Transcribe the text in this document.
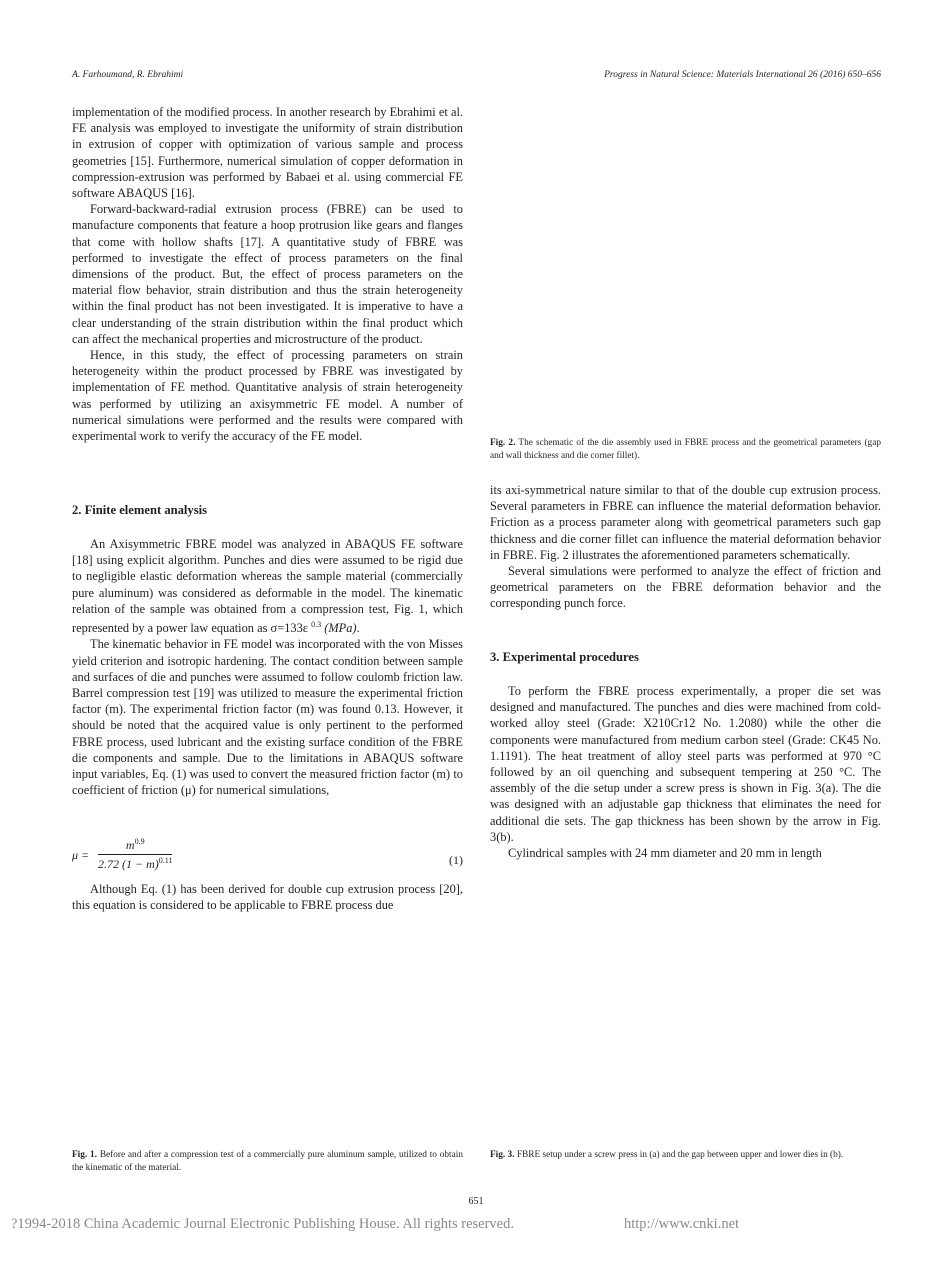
A. Farhoumand, R. Ebrahimi	Progress in Natural Science: Materials International 26 (2016) 650–656

implementation of the modified process. In another research by Ebrahimi et al. FE analysis was employed to investigate the uniformity of strain distribution in extrusion of copper with optimization of various sample and process geometries [15]. Furthermore, numerical simulation of copper deformation in compression-extrusion was performed by Babaei et al. using commercial FE software ABAQUS [16].

Forward-backward-radial extrusion process (FBRE) can be used to manufacture components that feature a hoop protrusion like gears and flanges that come with hollow shafts [17]. A quantitative study of FBRE was performed to investigate the effect of process parameters on the final dimensions of the product. But, the effect of process parameters on the material flow behavior, strain distribution and thus the strain heterogeneity within the final product has not been investigated. It is imperative to have a clear understanding of the strain distribution within the final product which can affect the mechanical properties and microstructure of the product.

Hence, in this study, the effect of processing parameters on strain heterogeneity within the product processed by FBRE was investigated by implementation of FE method. Quantitative analysis of strain heterogeneity was performed by utilizing an axisymmetric FE model. A number of numerical simulations were performed and the results were compared with experimental work to verify the accuracy of the FE model.

2. Finite element analysis

An Axisymmetric FBRE model was analyzed in ABAQUS FE software [18] using explicit algorithm. Punches and dies were assumed to be rigid due to negligible elastic deformation whereas the sample material (commercially pure aluminum) was considered as deformable in the model. The kinematic relation of the sample was obtained from a compression test, Fig. 1, which represented by a power law equation as σ=133ε $^{0.3}$ (MPa).

The kinematic behavior in FE model was incorporated with the von Misses yield criterion and isotropic hardening. The contact condition between sample and surfaces of die and punches were assumed to follow coulomb friction law. Barrel compression test [19] was utilized to measure the experimental friction factor (m). The experimental friction factor (m) was found 0.13. However, it should be noted that the acquired value is only pertinent to the performed FBRE process, used lubricant and the existing surface condition of the FBRE die components and sample. Due to the limitations in ABAQUS software input variables, Eq. (1) was used to convert the measured friction factor (m) to coefficient of friction (μ) for numerical simulations,

$\mu = \frac{m^{0.9}}{2.72 (1 - m)^{0.11}}$	(1)

Although Eq. (1) has been derived for double cup extrusion process [20], this equation is considered to be applicable to FBRE process due

Fig. 1. Before and after a compression test of a commercially pure aluminum sample, utilized to obtain the kinematic of the material.
Fig. 2. The schematic of the die assembly used in FBRE process and the geometrical parameters (gap and wall thickness and die corner fillet).

its axi-symmetrical nature similar to that of the double cup extrusion process. Several parameters in FBRE can influence the material deformation behavior. Friction as a process parameter along with geometrical parameters such gap thickness and die corner fillet can influence the material deformation behavior in FBRE. Fig. 2 illustrates the aforementioned parameters schematically.

Several simulations were performed to analyze the effect of friction and geometrical parameters on the FBRE deformation behavior and the corresponding punch force.

3. Experimental procedures

To perform the FBRE process experimentally, a proper die set was designed and manufactured. The punches and dies were machined from cold-worked alloy steel (Grade: X210Cr12 No. 1.2080) while the other die components were manufactured from medium carbon steel (Grade: CK45 No. 1.1191). The heat treatment of alloy steel parts was performed at 970 °C followed by an oil quenching and subsequent tempering at 250 °C. The assembly of the die setup under a screw press is shown in Fig. 3(a). The die was designed with an adjustable gap thickness that eliminates the need for additional die sets. The gap thickness has been shown by the arrow in Fig. 3(b).

Cylindrical samples with 24 mm diameter and 20 mm in length

Fig. 3. FBRE setup under a screw press in (a) and the gap between upper and lower dies in (b).
651
?1994-2018 China Academic Journal Electronic Publishing House. All rights reserved.	http://www.cnki.net
